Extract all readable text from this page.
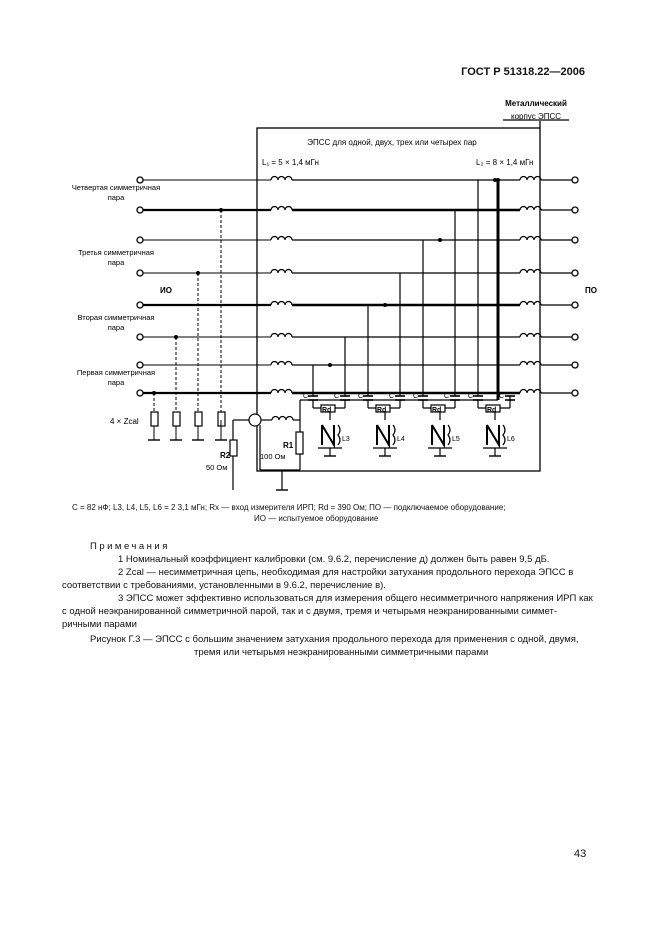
ГОСТ Р 51318.22—2006
Металлический
корпус ЭПСС
ЭПСС для одной, двух, трех или четырех пар
L₁ = 5 × 1,4 мГн	L₂ = 8 × 1,4 мГн
Четвертая симметричная
пара
Третья симметричная
пара
ИО	ПО
Вторая симметричная
пара
Первая симметричная
пара
4 × Zcal
R1
100 Ом
R2
50 Ом
C	C
Rd
L3
C	C
Rd
L4
C	C
Rd
L5
C	C
Rd
L6
C = 82 нФ; L3, L4, L5, L6 = 2 3,1 мГн; Rx — вход измерителя ИРП; Rd = 390 Ом; ПО — подключаемое оборудование;
ИО — испытуемое оборудование
Примечания

1 Номинальный коэффициент калибровки (см. 9.6.2, перечисление д) должен быть равен 9,5 дБ.

2 Zcal — несимметричная цепь, необходимая для настройки затухания продольного перехода ЭПСС в

соответствии с требованиями, установленными в 9.6.2, перечисление в).

3 ЭПСС может эффективно использоваться для измерения общего несимметричного напряжения ИРП как

с одной неэкранированной симметричной парой, так и с двумя, тремя и четырьмя неэкранированными симмет-

ричными парами

Рисунок Г.3 — ЭПСС с большим значением затухания продольного перехода для применения с одной, двумя,
тремя или четырьмя неэкранированными симметричными парами
43
